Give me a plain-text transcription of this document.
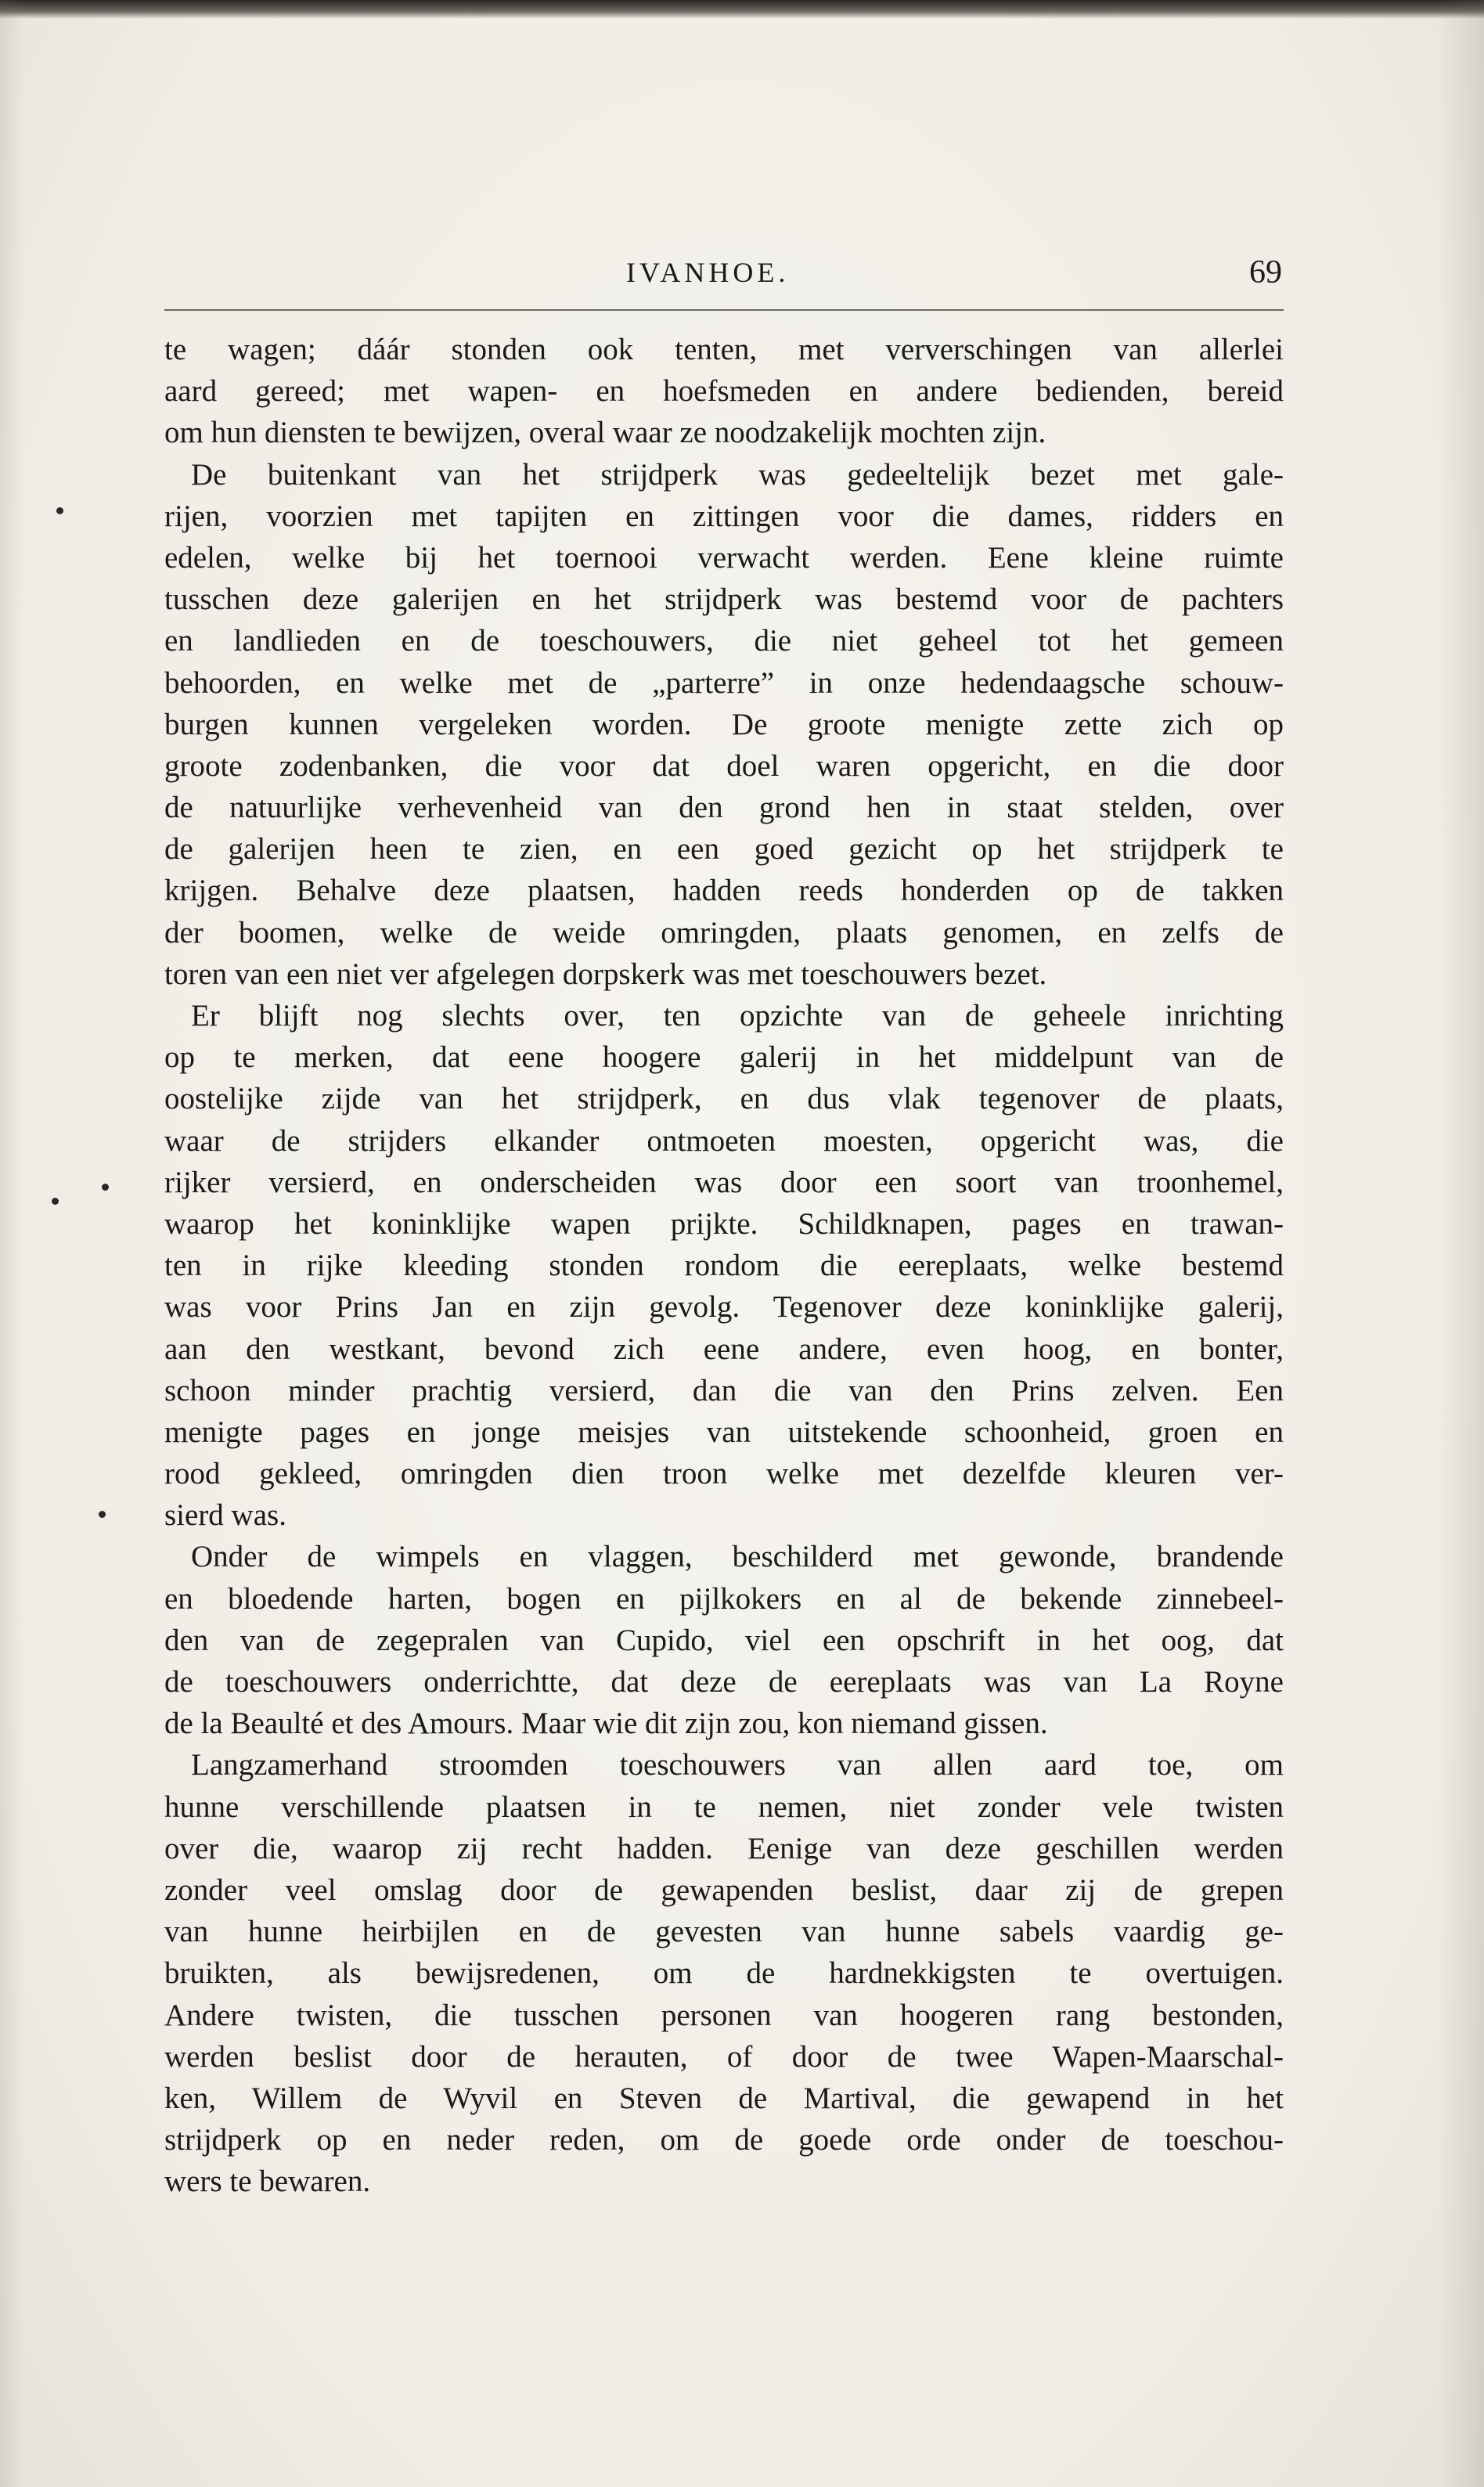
IVANHOE.	69
te wagen; dáár stonden ook tenten, met ververschingen van allerlei
aard gereed; met wapen- en hoefsmeden en andere bedienden, bereid
om hun diensten te bewijzen, overal waar ze noodzakelijk mochten zijn.
De buitenkant van het strijdperk was gedeeltelijk bezet met gale-
rijen, voorzien met tapijten en zittingen voor die dames, ridders en
edelen, welke bij het toernooi verwacht werden. Eene kleine ruimte
tusschen deze galerijen en het strijdperk was bestemd voor de pachters
en landlieden en de toeschouwers, die niet geheel tot het gemeen
behoorden, en welke met de „parterre” in onze hedendaagsche schouw-
burgen kunnen vergeleken worden. De groote menigte zette zich op
groote zodenbanken, die voor dat doel waren opgericht, en die door
de natuurlijke verhevenheid van den grond hen in staat stelden, over
de galerijen heen te zien, en een goed gezicht op het strijdperk te
krijgen. Behalve deze plaatsen, hadden reeds honderden op de takken
der boomen, welke de weide omringden, plaats genomen, en zelfs de
toren van een niet ver afgelegen dorpskerk was met toeschouwers bezet.
Er blijft nog slechts over, ten opzichte van de geheele inrichting
op te merken, dat eene hoogere galerij in het middelpunt van de
oostelijke zijde van het strijdperk, en dus vlak tegenover de plaats,
waar de strijders elkander ontmoeten moesten, opgericht was, die
rijker versierd, en onderscheiden was door een soort van troonhemel,
waarop het koninklijke wapen prijkte. Schildknapen, pages en trawan-
ten in rijke kleeding stonden rondom die eereplaats, welke bestemd
was voor Prins Jan en zijn gevolg. Tegenover deze koninklijke galerij,
aan den westkant, bevond zich eene andere, even hoog, en bonter,
schoon minder prachtig versierd, dan die van den Prins zelven. Een
menigte pages en jonge meisjes van uitstekende schoonheid, groen en
rood gekleed, omringden dien troon welke met dezelfde kleuren ver-
sierd was.
Onder de wimpels en vlaggen, beschilderd met gewonde, brandende
en bloedende harten, bogen en pijlkokers en al de bekende zinnebeel-
den van de zegepralen van Cupido, viel een opschrift in het oog, dat
de toeschouwers onderrichtte, dat deze de eereplaats was van La Royne
de la Beaulté et des Amours. Maar wie dit zijn zou, kon niemand gissen.
Langzamerhand stroomden toeschouwers van allen aard toe, om
hunne verschillende plaatsen in te nemen, niet zonder vele twisten
over die, waarop zij recht hadden. Eenige van deze geschillen werden
zonder veel omslag door de gewapenden beslist, daar zij de grepen
van hunne heirbijlen en de gevesten van hunne sabels vaardig ge-
bruikten, als bewijsredenen, om de hardnekkigsten te overtuigen.
Andere twisten, die tusschen personen van hoogeren rang bestonden,
werden beslist door de herauten, of door de twee Wapen-Maarschal-
ken, Willem de Wyvil en Steven de Martival, die gewapend in het
strijdperk op en neder reden, om de goede orde onder de toeschou-
wers te bewaren.
